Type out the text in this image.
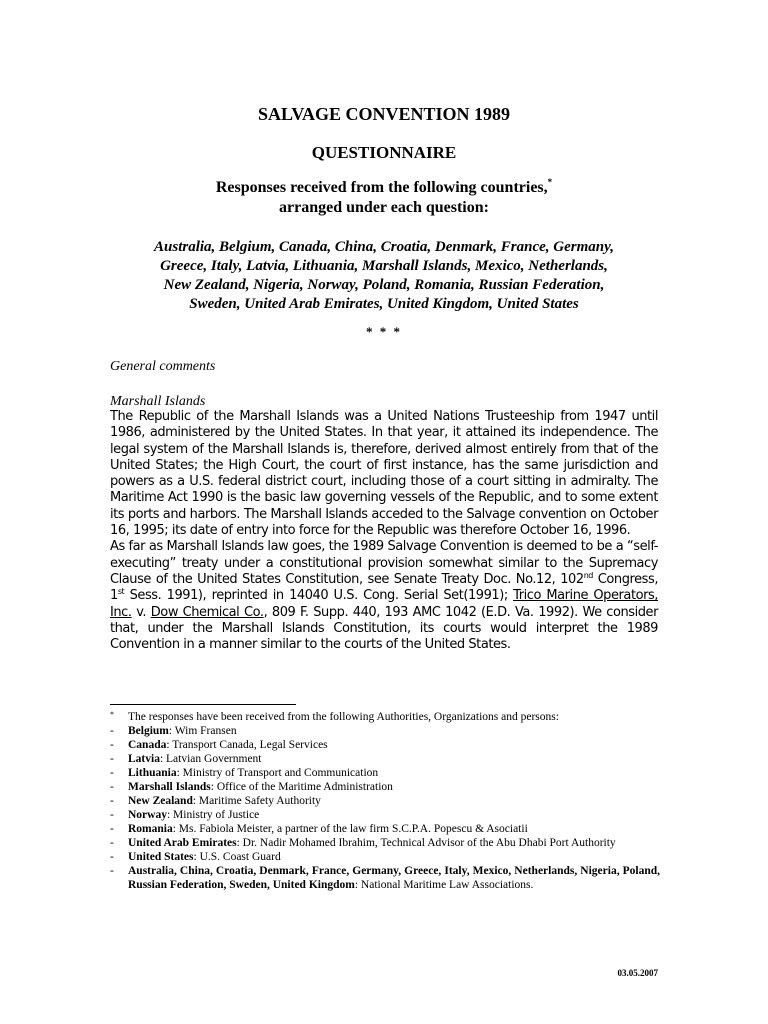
SALVAGE CONVENTION 1989
QUESTIONNAIRE
Responses received from the following countries,*
arranged under each question:
Australia, Belgium, Canada, China, Croatia, Denmark, France, Germany,
Greece, Italy, Latvia, Lithuania, Marshall Islands, Mexico, Netherlands,
New Zealand, Nigeria, Norway, Poland, Romania, Russian Federation,
Sweden, United Arab Emirates, United Kingdom, United States
* * *
General comments
Marshall Islands

The Republic of the Marshall Islands was a United Nations Trusteeship from 1947 until 1986, administered by the United States. In that year, it attained its independence. The legal system of the Marshall Islands is, therefore, derived almost entirely from that of the United States; the High Court, the court of first instance, has the same jurisdiction and powers as a U.S. federal district court, including those of a court sitting in admiralty. The Maritime Act 1990 is the basic law governing vessels of the Republic, and to some extent its ports and harbors. The Marshall Islands acceded to the Salvage convention on October 16, 1995; its date of entry into force for the Republic was therefore October 16, 1996.

As far as Marshall Islands law goes, the 1989 Salvage Convention is deemed to be a “self-executing” treaty under a constitutional provision somewhat similar to the Supremacy Clause of the United States Constitution, see Senate Treaty Doc. No.12, 102nd Congress, 1st Sess. 1991), reprinted in 14040 U.S. Cong. Serial Set(1991); Trico Marine Operators, Inc. v. Dow Chemical Co., 809 F. Supp. 440, 193 AMC 1042 (E.D. Va. 1992). We consider that, under the Marshall Islands Constitution, its courts would interpret the 1989 Convention in a manner similar to the courts of the United States.

* The responses have been received from the following Authorities, Organizations and persons:

- Belgium: Wim Fransen
- Canada: Transport Canada, Legal Services
- Latvia: Latvian Government
- Lithuania: Ministry of Transport and Communication
- Marshall Islands: Office of the Maritime Administration
- New Zealand: Maritime Safety Authority
- Norway: Ministry of Justice
- Romania: Ms. Fabiola Meister, a partner of the law firm S.C.P.A. Popescu & Asociatii
- United Arab Emirates: Dr. Nadir Mohamed Ibrahim, Technical Advisor of the Abu Dhabi Port Authority
- United States: U.S. Coast Guard
- Australia, China, Croatia, Denmark, France, Germany, Greece, Italy, Mexico, Netherlands, Nigeria, Poland, Russian Federation, Sweden, United Kingdom: National Maritime Law Associations.
03.05.2007
